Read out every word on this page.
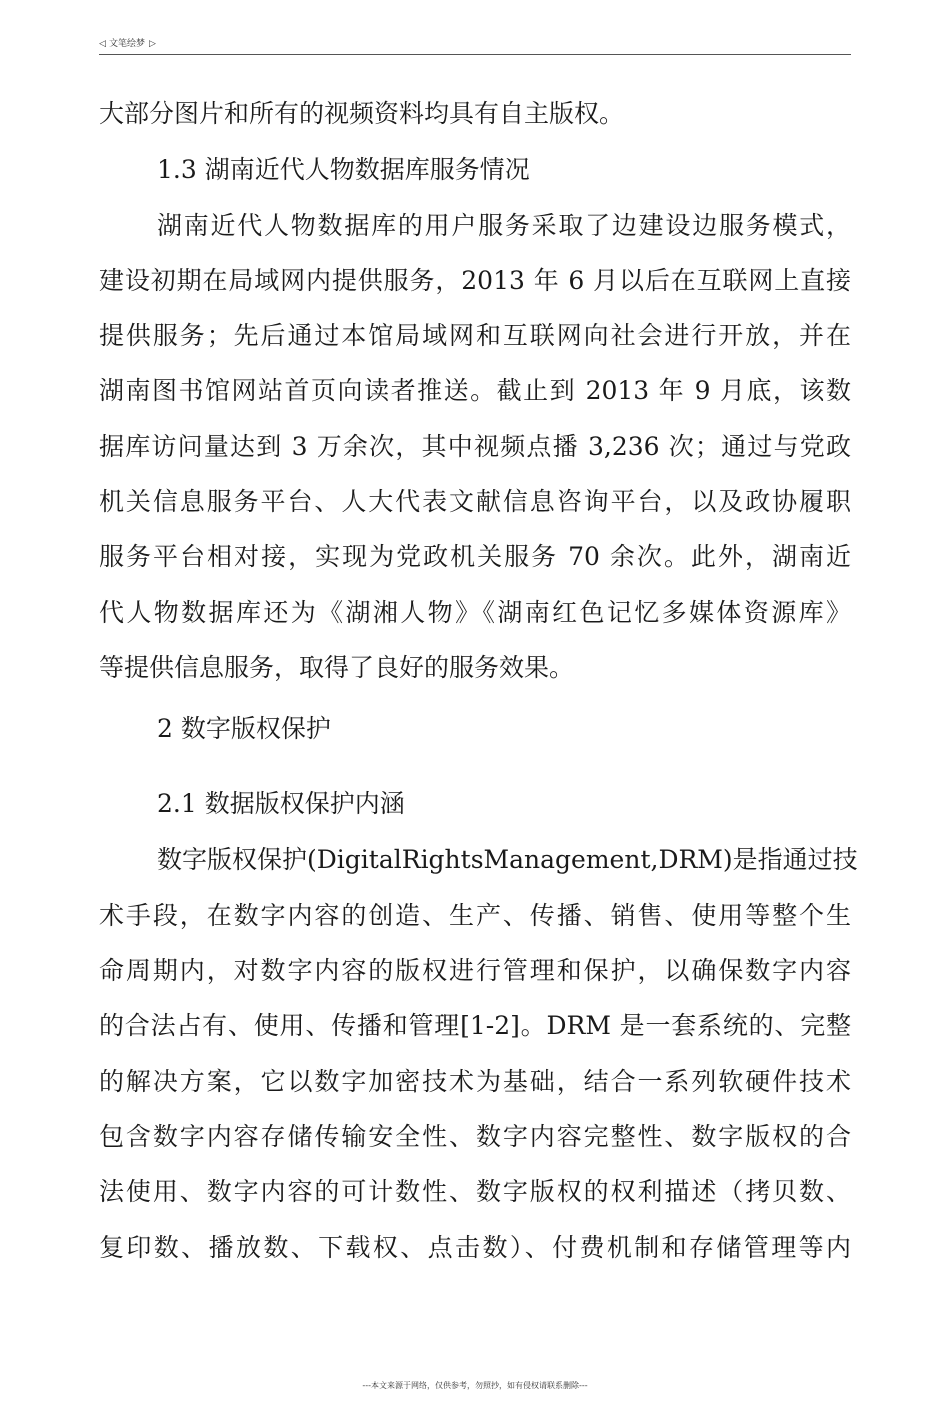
◁ 文笔绘梦 ▷
大部分图片和所有的视频资料均具有自主版权。
1.3 湖南近代人物数据库服务情况
湖南近代人物数据库的用户服务采取了边建设边服务模式，
建设初期在局域网内提供服务，2013 年 6 月以后在互联网上直接
提供服务；先后通过本馆局域网和互联网向社会进行开放，并在
湖南图书馆网站首页向读者推送。截止到 2013 年 9 月底，该数
据库访问量达到 3 万余次，其中视频点播 3,236 次；通过与党政
机关信息服务平台、人大代表文献信息咨询平台，以及政协履职
服务平台相对接，实现为党政机关服务 70 余次。此外，湖南近
代人物数据库还为《湖湘人物》《湖南红色记忆多媒体资源库》
等提供信息服务，取得了良好的服务效果。
2 数字版权保护
2.1 数据版权保护内涵
数字版权保护(DigitalRightsManagement,DRM)是指通过技
术手段，在数字内容的创造、生产、传播、销售、使用等整个生
命周期内，对数字内容的版权进行管理和保护，以确保数字内容
的合法占有、使用、传播和管理[1-2]。DRM 是一套系统的、完整
的解决方案，它以数字加密技术为基础，结合一系列软硬件技术
包含数字内容存储传输安全性、数字内容完整性、数字版权的合
法使用、数字内容的可计数性、数字版权的权利描述（拷贝数、
复印数、播放数、下载权、点击数）、付费机制和存储管理等内
---本文来源于网络，仅供参考，勿照抄，如有侵权请联系删除---
